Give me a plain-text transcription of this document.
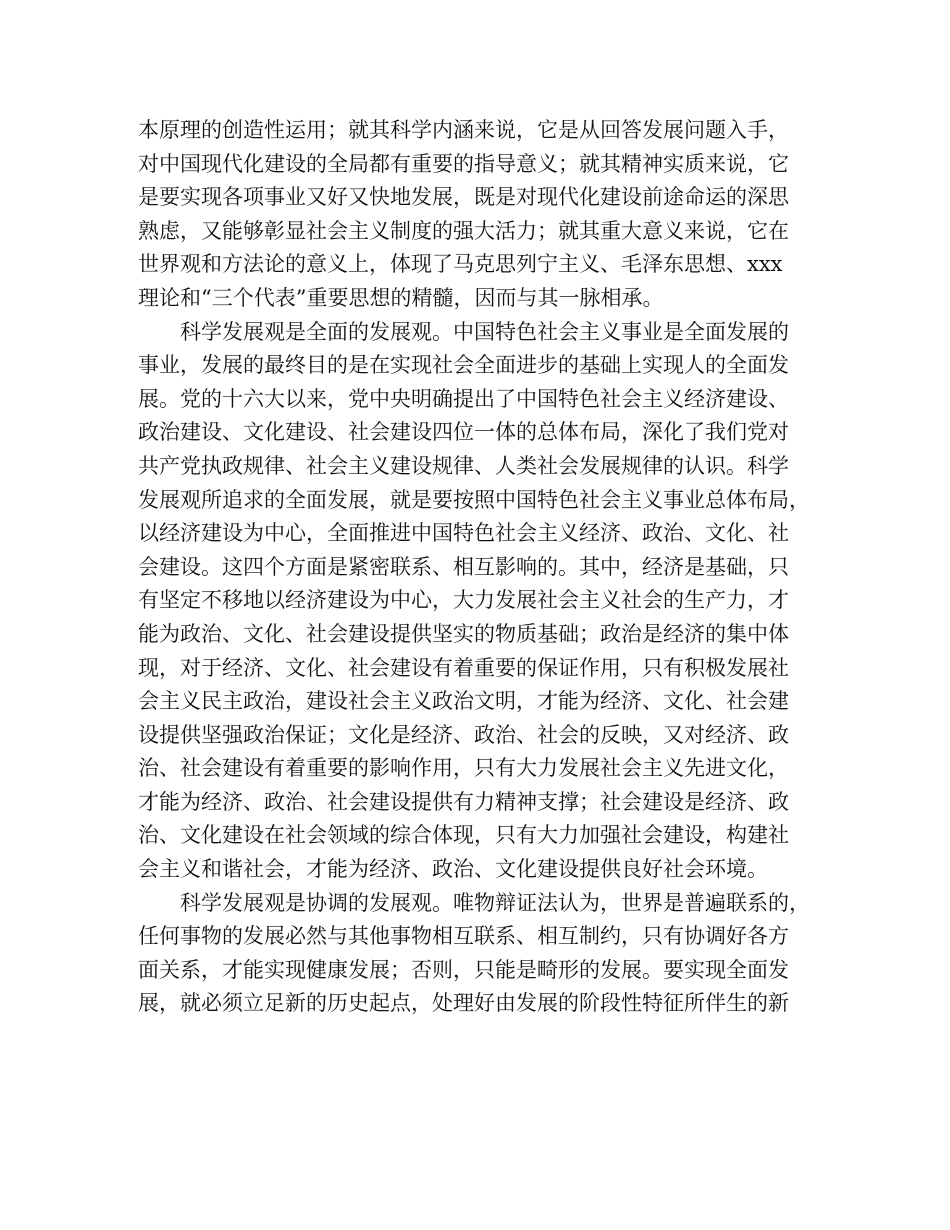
本原理的创造性运用；就其科学内涵来说，它是从回答发展问题入手，
对中国现代化建设的全局都有重要的指导意义；就其精神实质来说，它
是要实现各项事业又好又快地发展，既是对现代化建设前途命运的深思
熟虑，又能够彰显社会主义制度的强大活力；就其重大意义来说，它在
世界观和方法论的意义上，体现了马克思列宁主义、毛泽东思想、xxx
理论和“三个代表”重要思想的精髓，因而与其一脉相承。
科学发展观是全面的发展观。中国特色社会主义事业是全面发展的
事业，发展的最终目的是在实现社会全面进步的基础上实现人的全面发
展。党的十六大以来，党中央明确提出了中国特色社会主义经济建设、
政治建设、文化建设、社会建设四位一体的总体布局，深化了我们党对
共产党执政规律、社会主义建设规律、人类社会发展规律的认识。科学
发展观所追求的全面发展，就是要按照中国特色社会主义事业总体布局，
以经济建设为中心，全面推进中国特色社会主义经济、政治、文化、社
会建设。这四个方面是紧密联系、相互影响的。其中，经济是基础，只
有坚定不移地以经济建设为中心，大力发展社会主义社会的生产力，才
能为政治、文化、社会建设提供坚实的物质基础；政治是经济的集中体
现，对于经济、文化、社会建设有着重要的保证作用，只有积极发展社
会主义民主政治，建设社会主义政治文明，才能为经济、文化、社会建
设提供坚强政治保证；文化是经济、政治、社会的反映，又对经济、政
治、社会建设有着重要的影响作用，只有大力发展社会主义先进文化，
才能为经济、政治、社会建设提供有力精神支撑；社会建设是经济、政
治、文化建设在社会领域的综合体现，只有大力加强社会建设，构建社
会主义和谐社会，才能为经济、政治、文化建设提供良好社会环境。
科学发展观是协调的发展观。唯物辩证法认为，世界是普遍联系的，
任何事物的发展必然与其他事物相互联系、相互制约，只有协调好各方
面关系，才能实现健康发展；否则，只能是畸形的发展。要实现全面发
展，就必须立足新的历史起点，处理好由发展的阶段性特征所伴生的新
